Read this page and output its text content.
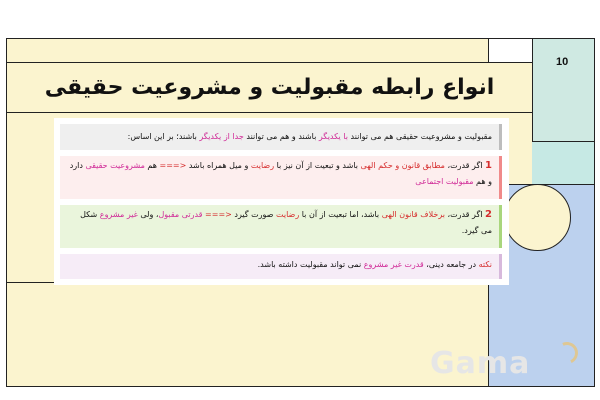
انواع رابطه مقبولیت و مشروعیت حقیقی
10
مقبولیت و مشروعیت حقیقی هم می توانند با یکدیگر باشند و هم می توانند جدا از یکدیگر باشند؛ بر این اساس:
1 اگر قدرت، مطابق قانون و حکم الهی باشد و تبعیت از آن نیز با رضایت و میل همراه باشد <=== هم مشروعیت حقیقی دارد و هم مقبولیت اجتماعی
2 اگر قدرت، برخلاف قانون الهی باشد، اما تبعیت از آن با رضایت صورت گیرد <=== قدرتی مقبول، ولی غیر مشروع شکل می گیرد.
نکته در جامعه دینی، قدرت غیر مشروع نمی تواند مقبولیت داشته باشد.
Gama
